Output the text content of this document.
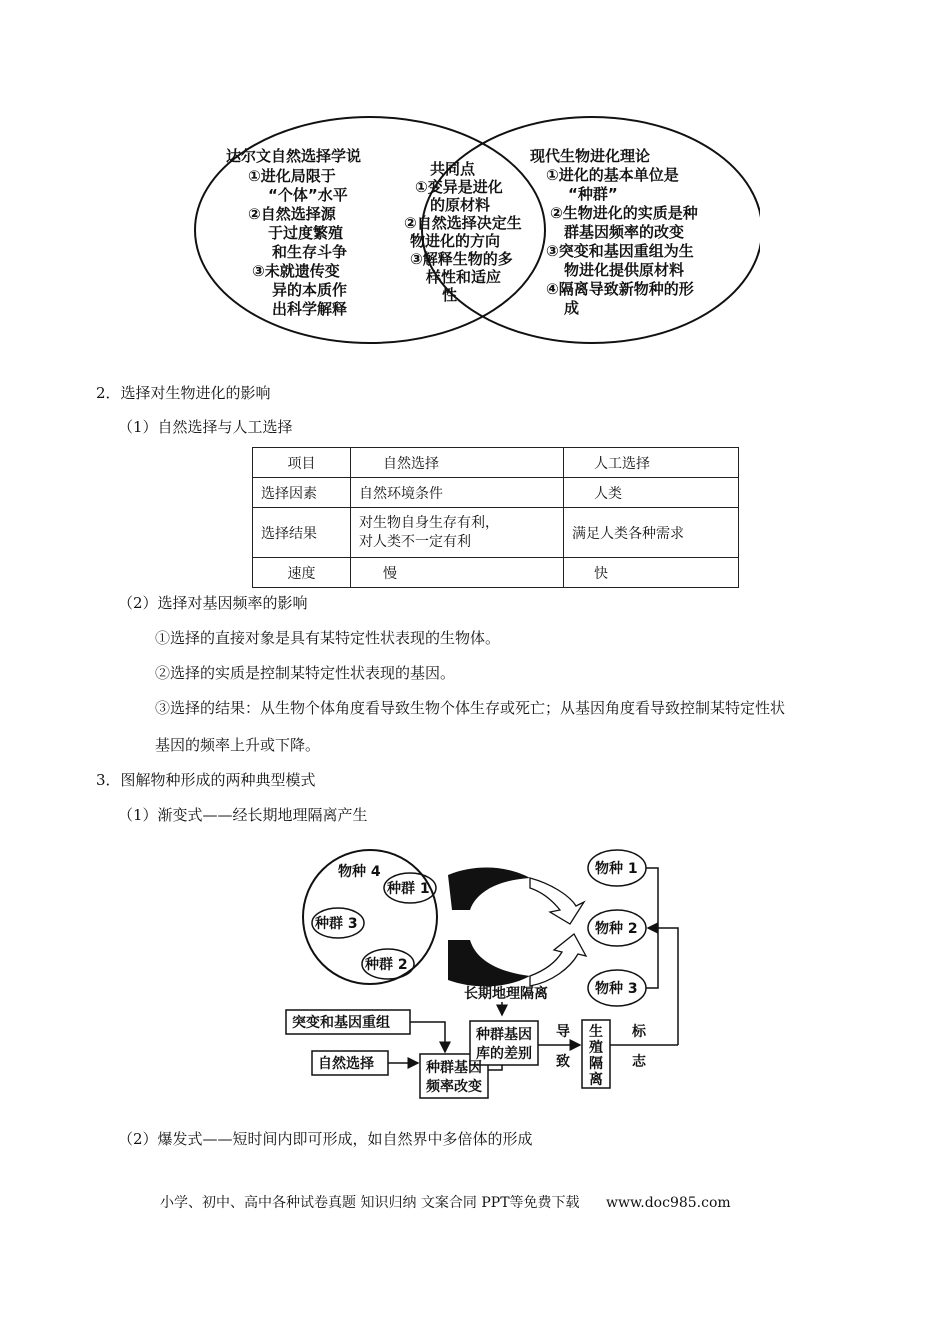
达尔文自然选择学说
①进化局限于
“个体”水平
②自然选择源
于过度繁殖
和生存斗争
③未就遗传变
异的本质作
出科学解释
共同点
①变异是进化
的原材料
②自然选择决定生
物进化的方向
③解释生物的多
样性和适应
性
现代生物进化理论
①进化的基本单位是
“种群”
②生物进化的实质是种
群基因频率的改变
③突变和基因重组为生
物进化提供原材料
④隔离导致新物种的形
成
2．选择对生物进化的影响
（1）自然选择与人工选择
项目	自然选择	人工选择
选择因素	自然环境条件	人类
选择结果	对生物自身生存有利，
对人类不一定有利	满足人类各种需求
速度	慢	快
（2）选择对基因频率的影响
①选择的直接对象是具有某特定性状表现的生物体。
②选择的实质是控制某特定性状表现的基因。
③选择的结果：从生物个体角度看导致生物个体生存或死亡；从基因角度看导致控制某特定性状
基因的频率上升或下降。
3．图解物种形成的两种典型模式
（1）渐变式——经长期地理隔离产生
物种 4
种群 1
种群 3
种群 2
物种 1
物种 2
物种 3
长期地理隔离
突变和基因重组
自然选择	种群基因
频率改变
种群基因
库的差别
导
致
生
殖
隔
离
标
志
（2）爆发式——短时间内即可形成，如自然界中多倍体的形成
小学、初中、高中各种试卷真题 知识归纳 文案合同 PPT等免费下载 www.doc985.com
